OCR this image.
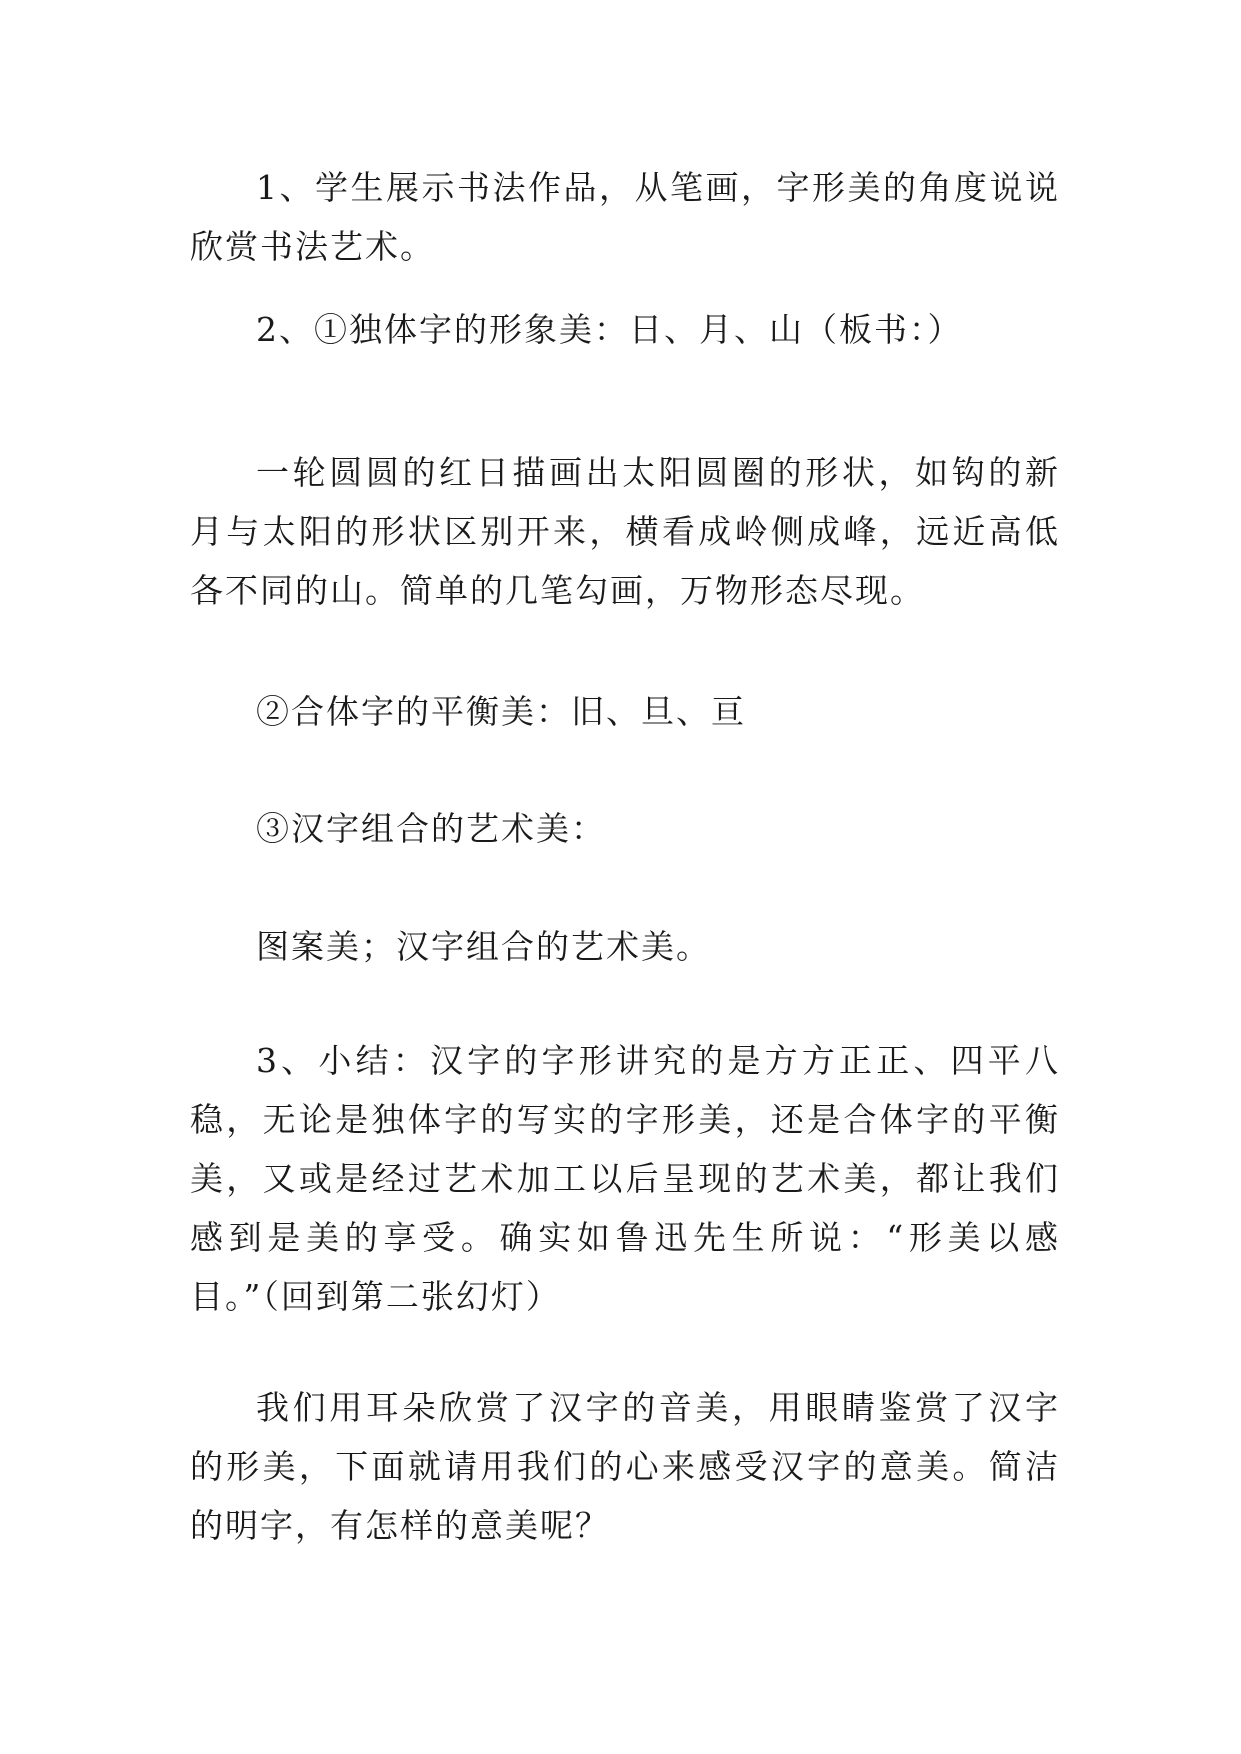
1、学生展示书法作品，从笔画，字形美的角度说说欣赏书法艺术。

2、①独体字的形象美：日、月、山（板书：）

一轮圆圆的红日描画出太阳圆圈的形状，如钩的新月与太阳的形状区别开来，横看成岭侧成峰，远近高低各不同的山。简单的几笔勾画，万物形态尽现。

②合体字的平衡美：旧、旦、亘

③汉字组合的艺术美：

图案美；汉字组合的艺术美。

3、小结：汉字的字形讲究的是方方正正、四平八稳，无论是独体字的写实的字形美，还是合体字的平衡美，又或是经过艺术加工以后呈现的艺术美，都让我们感到是美的享受。确实如鲁迅先生所说：“形美以感目。”（回到第二张幻灯）

我们用耳朵欣赏了汉字的音美，用眼睛鉴赏了汉字的形美，下面就请用我们的心来感受汉字的意美。简洁的明字，有怎样的意美呢？
